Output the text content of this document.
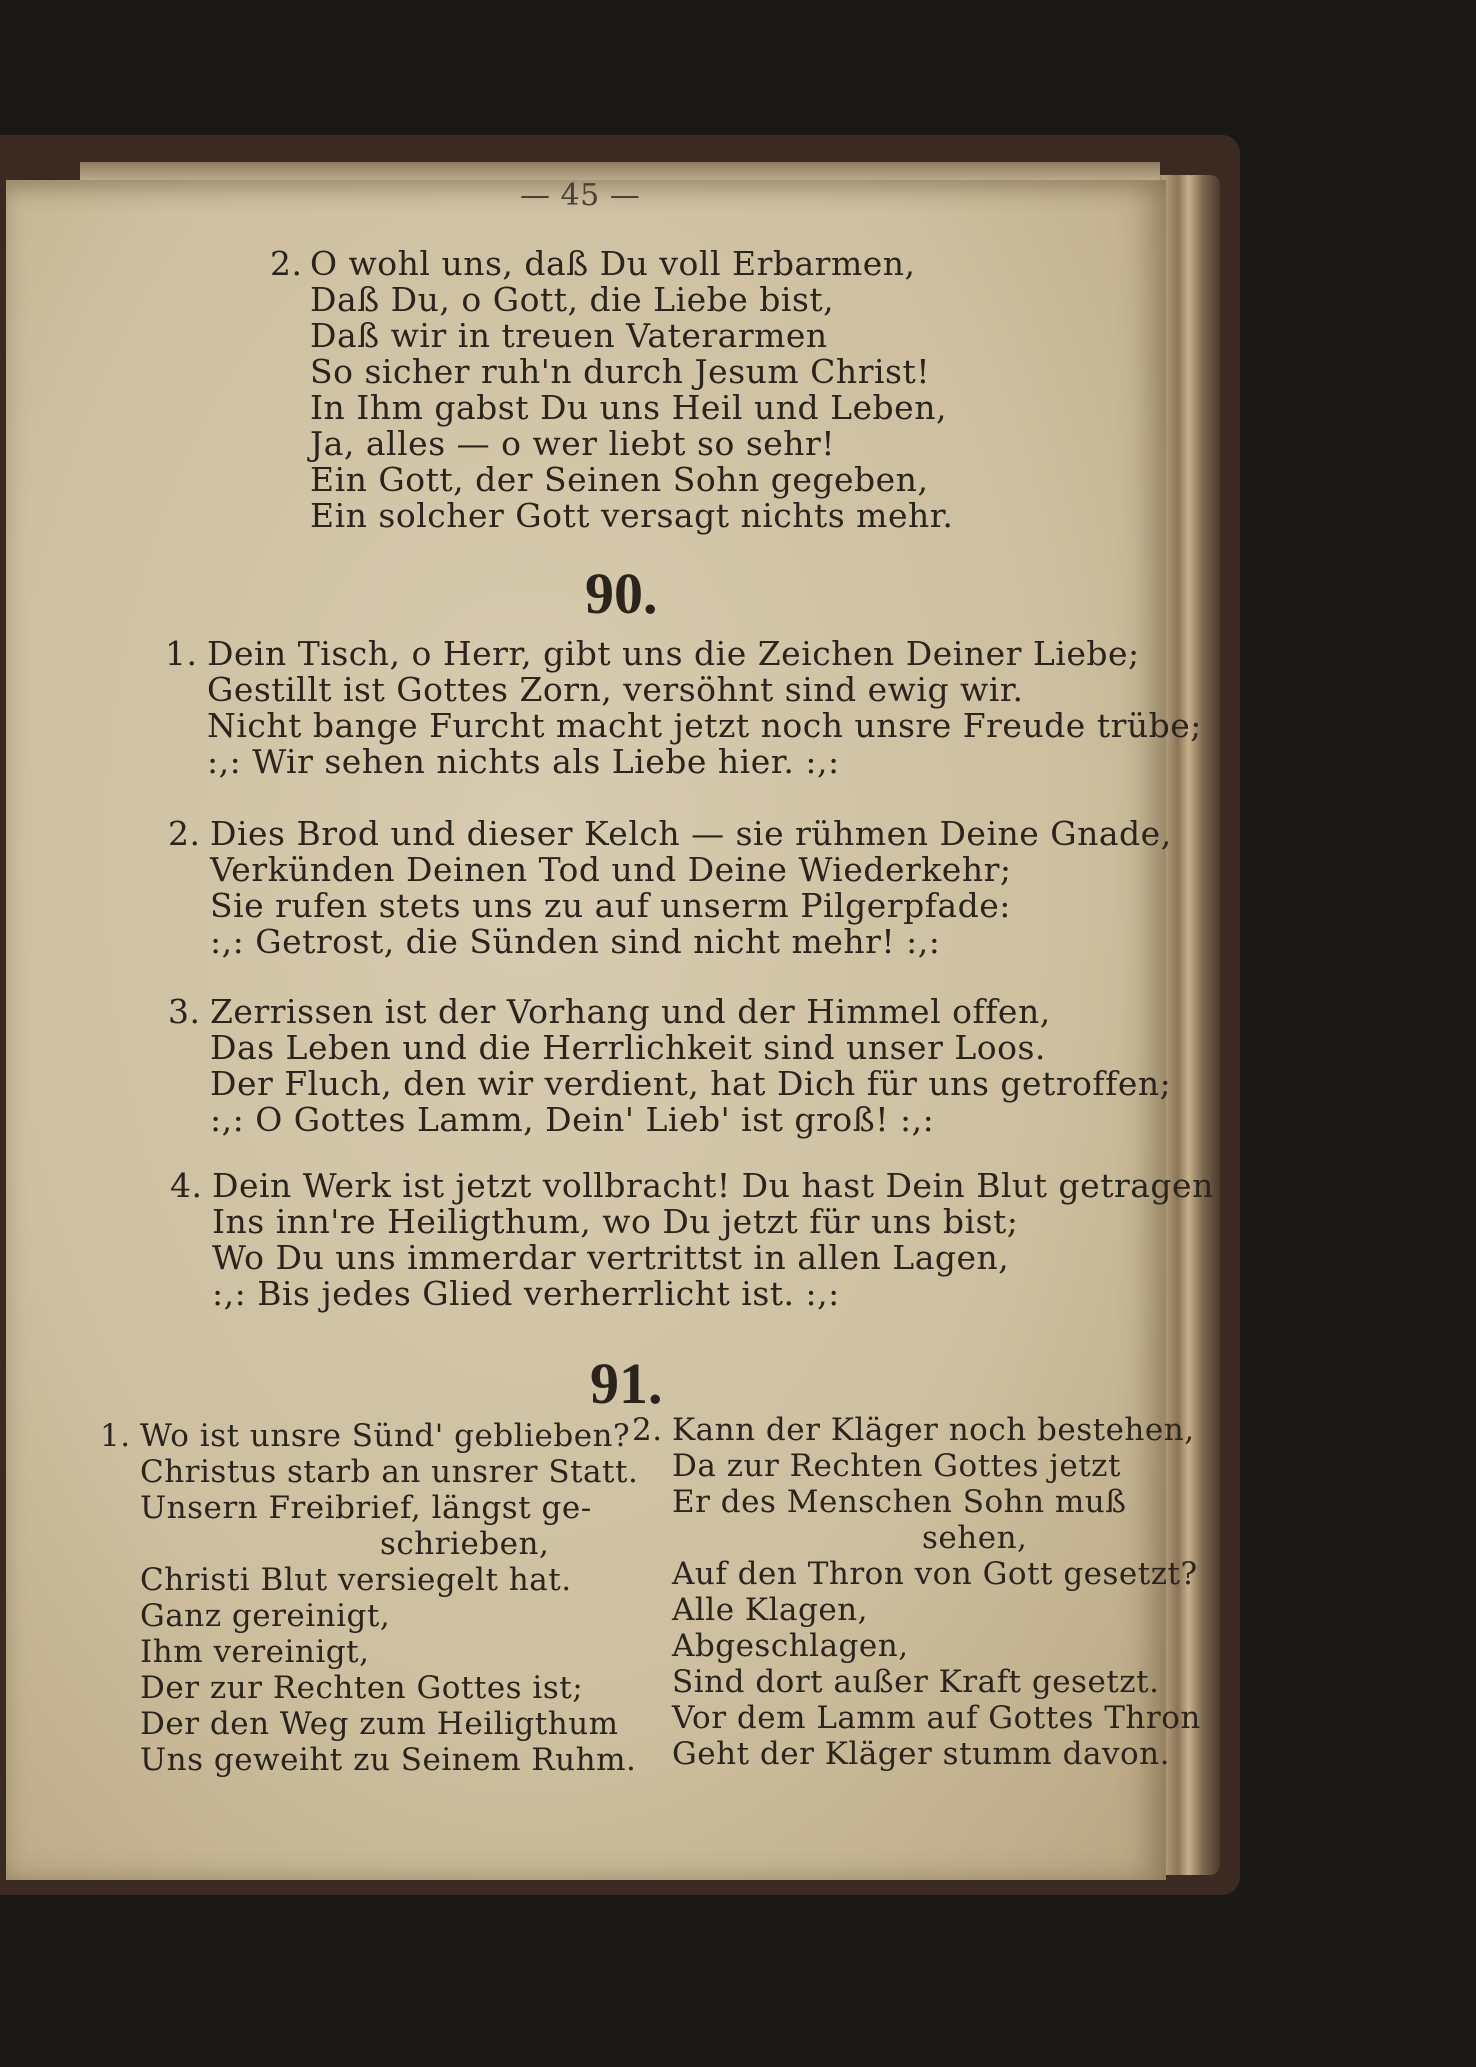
— 45 —
2. O wohl uns, daß Du voll Erbarmen,
Daß Du, o Gott, die Liebe bist,
Daß wir in treuen Vaterarmen
So sicher ruh'n durch Jesum Christ!
In Ihm gabst Du uns Heil und Leben,
Ja, alles — o wer liebt so sehr!
Ein Gott, der Seinen Sohn gegeben,
Ein solcher Gott versagt nichts mehr.
90.
1. Dein Tisch, o Herr, gibt uns die Zeichen Deiner Liebe;
Gestillt ist Gottes Zorn, versöhnt sind ewig wir.
Nicht bange Furcht macht jetzt noch unsre Freude trübe;
:,: Wir sehen nichts als Liebe hier. :,:
2. Dies Brod und dieser Kelch — sie rühmen Deine Gnade,
Verkünden Deinen Tod und Deine Wiederkehr;
Sie rufen stets uns zu auf unserm Pilgerpfade:
:,: Getrost, die Sünden sind nicht mehr! :,:
3. Zerrissen ist der Vorhang und der Himmel offen,
Das Leben und die Herrlichkeit sind unser Loos.
Der Fluch, den wir verdient, hat Dich für uns getroffen;
:,: O Gottes Lamm, Dein' Lieb' ist groß! :,:
4. Dein Werk ist jetzt vollbracht! Du hast Dein Blut getragen
Ins inn're Heiligthum, wo Du jetzt für uns bist;
Wo Du uns immerdar vertrittst in allen Lagen,
:,: Bis jedes Glied verherrlicht ist. :,:
91.
1. Wo ist unsre Sünd' geblieben?
Christus starb an unsrer Statt.
Unsern Freibrief, längst ge-
schrieben,
Christi Blut versiegelt hat.
Ganz gereinigt,
Ihm vereinigt,
Der zur Rechten Gottes ist;
Der den Weg zum Heiligthum
Uns geweiht zu Seinem Ruhm.
2. Kann der Kläger noch bestehen,
Da zur Rechten Gottes jetzt
Er des Menschen Sohn muß
sehen,
Auf den Thron von Gott gesetzt?
Alle Klagen,
Abgeschlagen,
Sind dort außer Kraft gesetzt.
Vor dem Lamm auf Gottes Thron
Geht der Kläger stumm davon.
